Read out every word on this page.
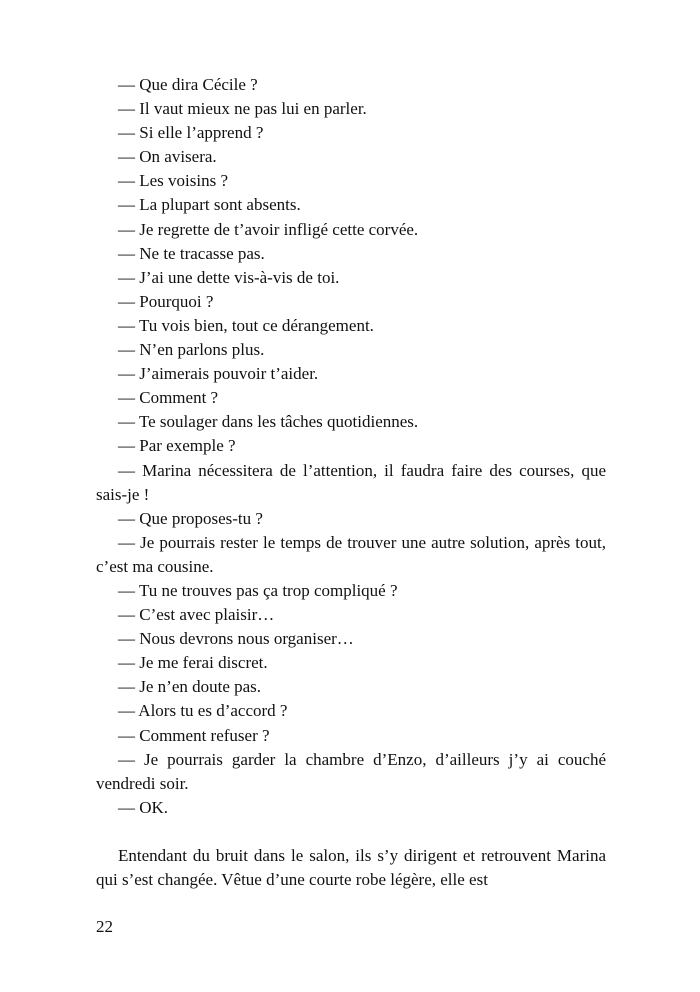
— Que dira Cécile ?

— Il vaut mieux ne pas lui en parler.

— Si elle l’apprend ?

— On avisera.

— Les voisins ?

— La plupart sont absents.

— Je regrette de t’avoir infligé cette corvée.

— Ne te tracasse pas.

— J’ai une dette vis-à-vis de toi.

— Pourquoi ?

— Tu vois bien, tout ce dérangement.

— N’en parlons plus.

— J’aimerais pouvoir t’aider.

— Comment ?

— Te soulager dans les tâches quotidiennes.

— Par exemple ?

— Marina nécessitera de l’attention, il faudra faire des courses, que sais-je !

— Que proposes-tu ?

— Je pourrais rester le temps de trouver une autre solution, après tout, c’est ma cousine.

— Tu ne trouves pas ça trop compliqué ?

— C’est avec plaisir…

— Nous devrons nous organiser…

— Je me ferai discret.

— Je n’en doute pas.

— Alors tu es d’accord ?

— Comment refuser ?

— Je pourrais garder la chambre d’Enzo, d’ailleurs j’y ai couché vendredi soir.

— OK.

Entendant du bruit dans le salon, ils s’y dirigent et retrouvent Marina qui s’est changée. Vêtue d’une courte robe légère, elle est

22
